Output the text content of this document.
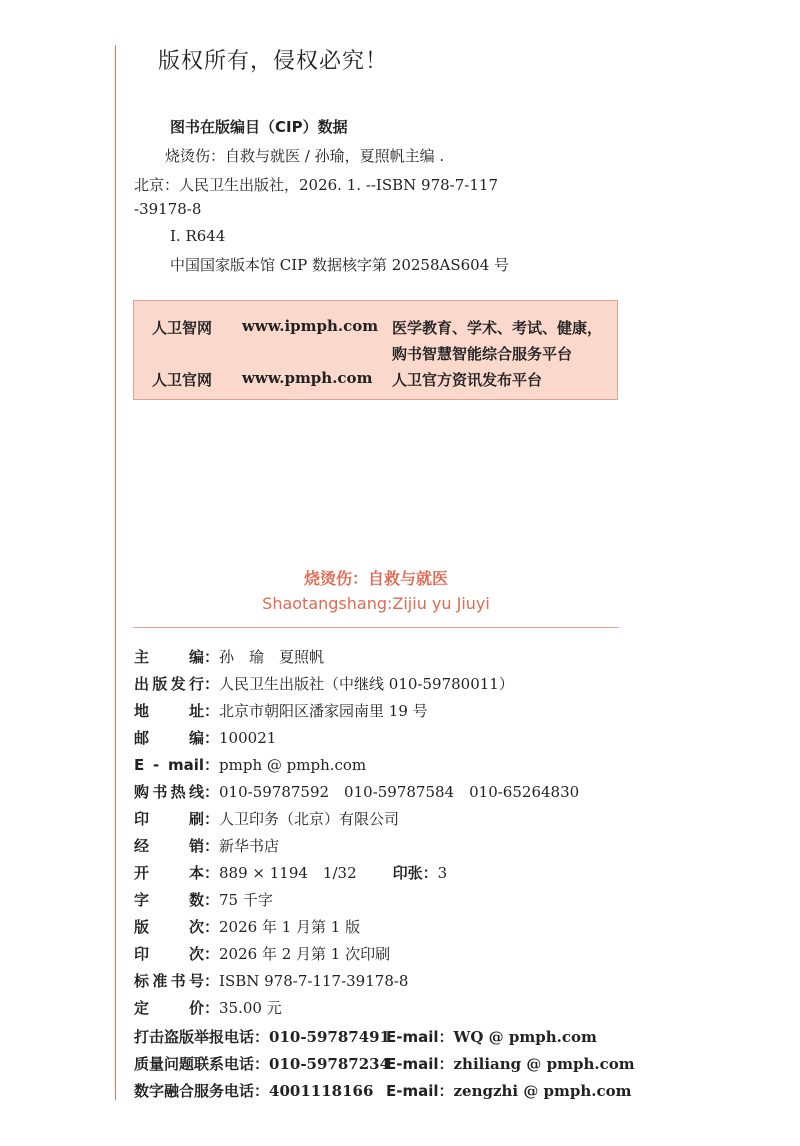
版权所有，侵权必究！
图书在版编目（CIP）数据
烧烫伤：自救与就医 / 孙瑜，夏照帆主编 .
北京：人民卫生出版社，2026. 1. --ISBN 978-7-117
-39178-8
Ⅰ. R644
中国国家版本馆 CIP 数据核字第 20258AS604 号
人卫智网 www.ipmph.com 医学教育、学术、考试、健康，
购书智慧智能综合服务平台
人卫官网 www.pmph.com 人卫官方资讯发布平台
烧烫伤：自救与就医
Shaotangshang:Zijiu yu Jiuyi
主编：孙　瑜　夏照帆
出版发行：人民卫生出版社（中继线 010-59780011）
地址：北京市朝阳区潘家园南里 19 号
邮编：100021
E - mail：pmph @ pmph.com
购书热线：010-59787592　010-59787584　010-65264830
印刷：人卫印务（北京）有限公司
经销：新华书店
开本：889 × 1194　1/32 印张：3
字数：75 千字
版次：2026 年 1 月第 1 版
印次：2026 年 2 月第 1 次印刷
标准书号：ISBN 978-7-117-39178-8
定价：35.00 元
打击盗版举报电话：010-59787491E-mail：WQ @ pmph.com
质量问题联系电话：010-59787234E-mail：zhiliang @ pmph.com
数字融合服务电话：4001118166 E-mail：zengzhi @ pmph.com
